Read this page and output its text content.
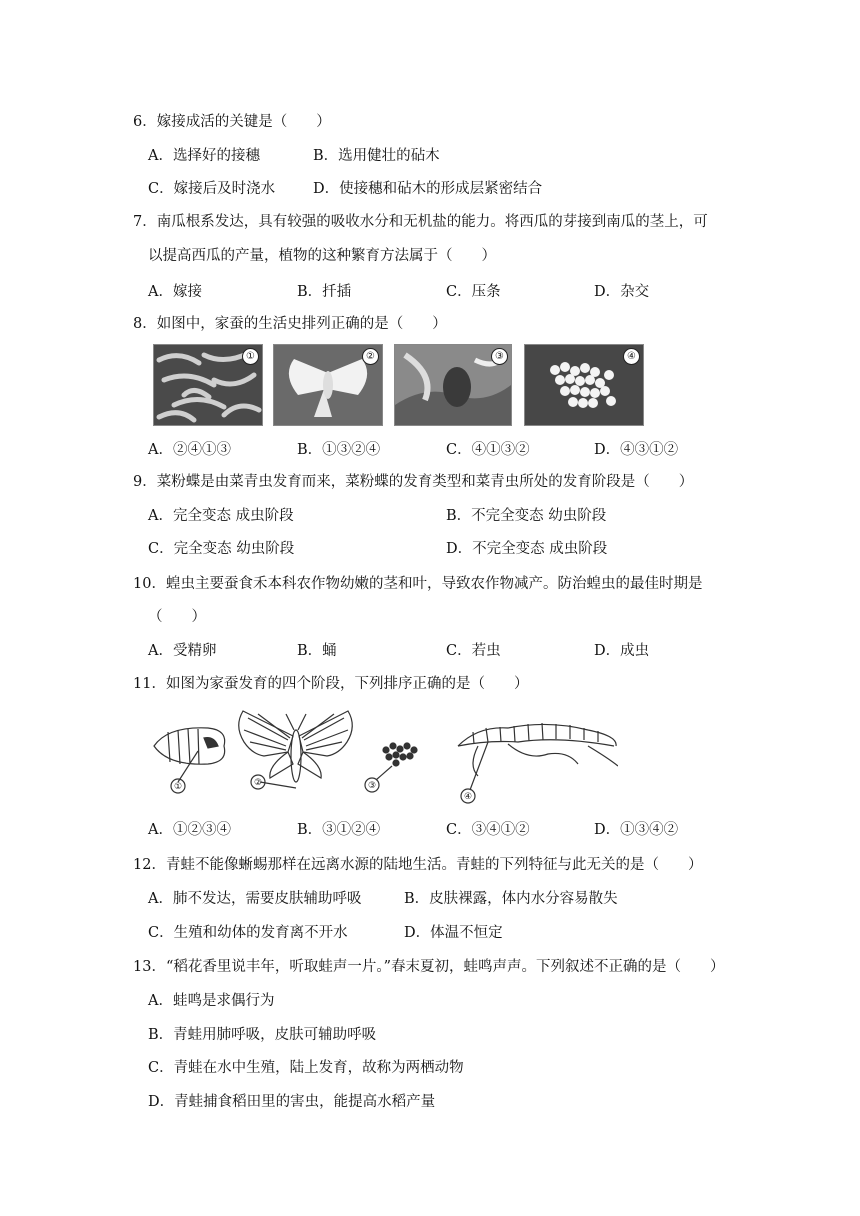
6．嫁接成活的关键是（　　）
A．选择好的接穗	B．选用健壮的砧木
C．嫁接后及时浇水	D．使接穗和砧木的形成层紧密结合
7．南瓜根系发达，具有较强的吸收水分和无机盐的能力。将西瓜的芽接到南瓜的茎上，可
以提高西瓜的产量，植物的这种繁育方法属于（　　）
A．嫁接	B．扦插	C．压条	D．杂交
8．如图中，家蚕的生活史排列正确的是（　　）
①	②	③	④
A．②④①③	B．①③②④	C．④①③②	D．④③①②
9．菜粉蝶是由菜青虫发育而来，菜粉蝶的发育类型和菜青虫所处的发育阶段是（　　）
A．完全变态 成虫阶段	B．不完全变态 幼虫阶段
C．完全变态 幼虫阶段	D．不完全变态 成虫阶段
10．蝗虫主要蚕食禾本科农作物幼嫩的茎和叶，导致农作物减产。防治蝗虫的最佳时期是
（　　）
A．受精卵	B．蛹	C．若虫	D．成虫
11．如图为家蚕发育的四个阶段，下列排序正确的是（　　）
①	②	③
④
A．①②③④	B．③①②④	C．③④①②	D．①③④②
12．青蛙不能像蜥蜴那样在远离水源的陆地生活。青蛙的下列特征与此无关的是（　　）
A．肺不发达，需要皮肤辅助呼吸	B．皮肤裸露，体内水分容易散失
C．生殖和幼体的发育离不开水	D．体温不恒定
13．“稻花香里说丰年，听取蛙声一片。”春末夏初，蛙鸣声声。下列叙述不正确的是（　　）
A．蛙鸣是求偶行为
B．青蛙用肺呼吸，皮肤可辅助呼吸
C．青蛙在水中生殖，陆上发育，故称为两栖动物
D．青蛙捕食稻田里的害虫，能提高水稻产量
